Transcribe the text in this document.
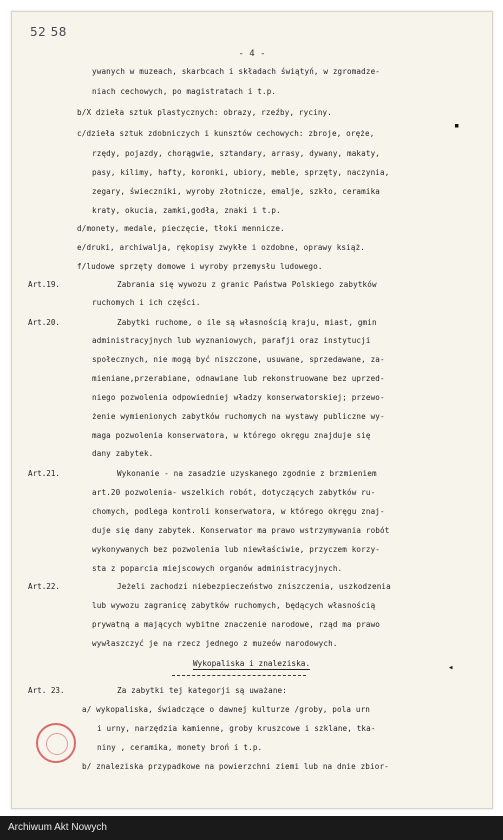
52 58
- 4 -
ywanych w muzeach, skarbcach i składach świątyń, w zgromadze-
niach cechowych, po magistratach i t.p.
b/X dzieła sztuk plastycznych: obrazy, rzeźby, ryciny.
c/dzieła sztuk zdobniczych i kunsztów cechowych: zbroje, oręże,
rzędy, pojazdy, chorągwie, sztandary, arrasy, dywany, makaty,
pasy, kilimy, hafty, koronki, ubiory, meble, sprzęty, naczynia,
zegary, świeczniki, wyroby złotnicze, emalje, szkło, ceramika
kraty, okucia, zamki,godła, znaki i t.p.
d/monety, medale, pieczęcie, tłoki mennicze.
e/druki, archiwalja, rękopisy zwykłe i ozdobne, oprawy książ.
f/ludowe sprzęty domowe i wyroby przemysłu ludowego.
▪
Art.19.	Zabrania się wywozu z granic Państwa Polskiego zabytków
ruchomych i ich części.
Art.20.	Zabytki ruchome, o ile są własnością kraju, miast, gmin
administracyjnych lub wyznaniowych, parafji oraz instytucji
społecznych, nie mogą być niszczone, usuwane, sprzedawane, za-
mieniane,przerabiane, odnawiane lub rekonstruowane bez uprzed-
niego pozwolenia odpowiedniej władzy konserwatorskiej; przewo-
żenie wymienionych zabytków ruchomych na wystawy publiczne wy-
maga pozwolenia konserwatora, w którego okręgu znajduje się
dany zabytek.
Art.21.	Wykonanie - na zasadzie uzyskanego zgodnie z brzmieniem
art.20 pozwolenia- wszelkich robót, dotyczących zabytków ru-
chomych, podlega kontroli konserwatora, w którego okręgu znaj-
duje się dany zabytek. Konserwator ma prawo wstrzymywania robót
wykonywanych bez pozwolenia lub niewłaściwie, przyczem korzy-
sta z poparcia miejscowych organów administracyjnych.
Art.22.	Jeżeli zachodzi niebezpieczeństwo zniszczenia, uszkodzenia
lub wywozu zagranicę zabytków ruchomych, będących własnością
prywatną a mających wybitne znaczenie narodowe, rząd ma prawo
wywłaszczyć je na rzecz jednego z muzeów narodowych.
Wykopaliska i znaleziska.	◂
Art. 23.	Za zabytki tej kategorji są uważane:
a/ wykopaliska, świadczące o dawnej kulturze /groby, pola urn
i urny, narzędzia kamienne, groby kruszcowe i szklane, tka-
niny , ceramika, monety broń i t.p.
b/ znaleziska przypadkowe na powierzchni ziemi lub na dnie zbior-
Archiwum Akt Nowych
